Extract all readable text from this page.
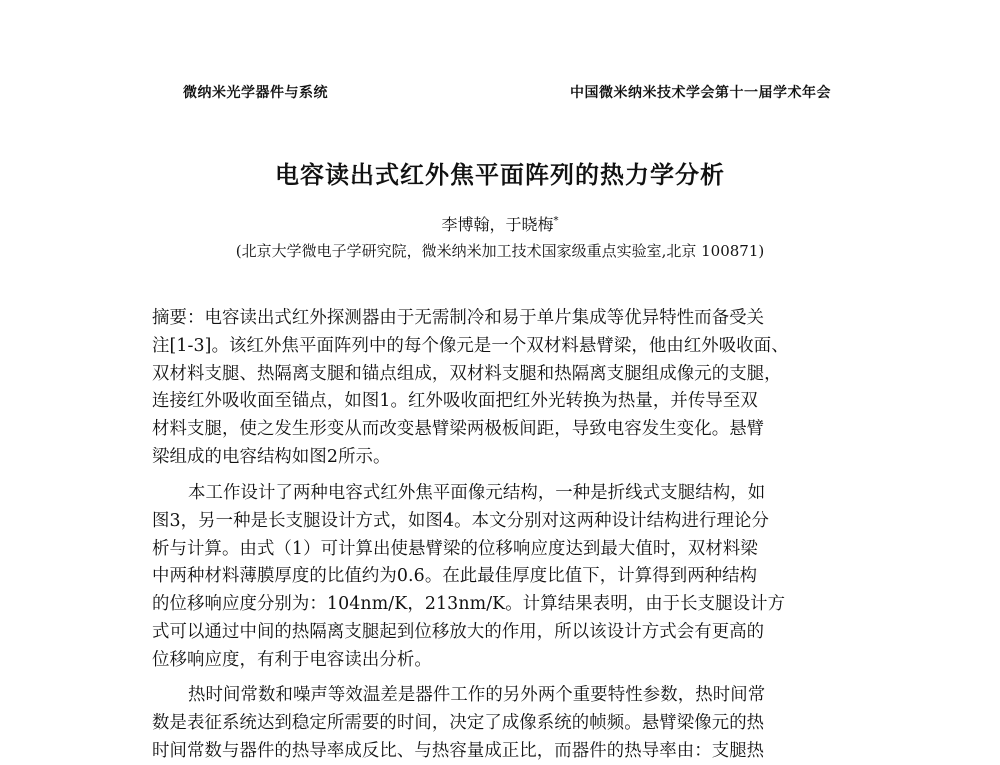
微纳米光学器件与系统	中国微米纳米技术学会第十一届学术年会
电容读出式红外焦平面阵列的热力学分析
李博翰，于晓梅*
(北京大学微电子学研究院，微米纳米加工技术国家级重点实验室,北京 100871)
摘要：电容读出式红外探测器由于无需制冷和易于单片集成等优异特性而备受关
注[1-3]。该红外焦平面阵列中的每个像元是一个双材料悬臂梁，他由红外吸收面、
双材料支腿、热隔离支腿和锚点组成，双材料支腿和热隔离支腿组成像元的支腿，
连接红外吸收面至锚点，如图1。红外吸收面把红外光转换为热量，并传导至双
材料支腿，使之发生形变从而改变悬臂梁两极板间距，导致电容发生变化。悬臂
梁组成的电容结构如图2所示。
本工作设计了两种电容式红外焦平面像元结构，一种是折线式支腿结构，如
图3，另一种是长支腿设计方式，如图4。本文分别对这两种设计结构进行理论分
析与计算。由式（1）可计算出使悬臂梁的位移响应度达到最大值时，双材料梁
中两种材料薄膜厚度的比值约为0.6。在此最佳厚度比值下，计算得到两种结构
的位移响应度分别为：104nm/K，213nm/K。计算结果表明，由于长支腿设计方
式可以通过中间的热隔离支腿起到位移放大的作用，所以该设计方式会有更高的
位移响应度，有利于电容读出分析。
热时间常数和噪声等效温差是器件工作的另外两个重要特性参数，热时间常
数是表征系统达到稳定所需要的时间，决定了成像系统的帧频。悬臂梁像元的热
时间常数与器件的热导率成反比、与热容量成正比，而器件的热导率由：支腿热
